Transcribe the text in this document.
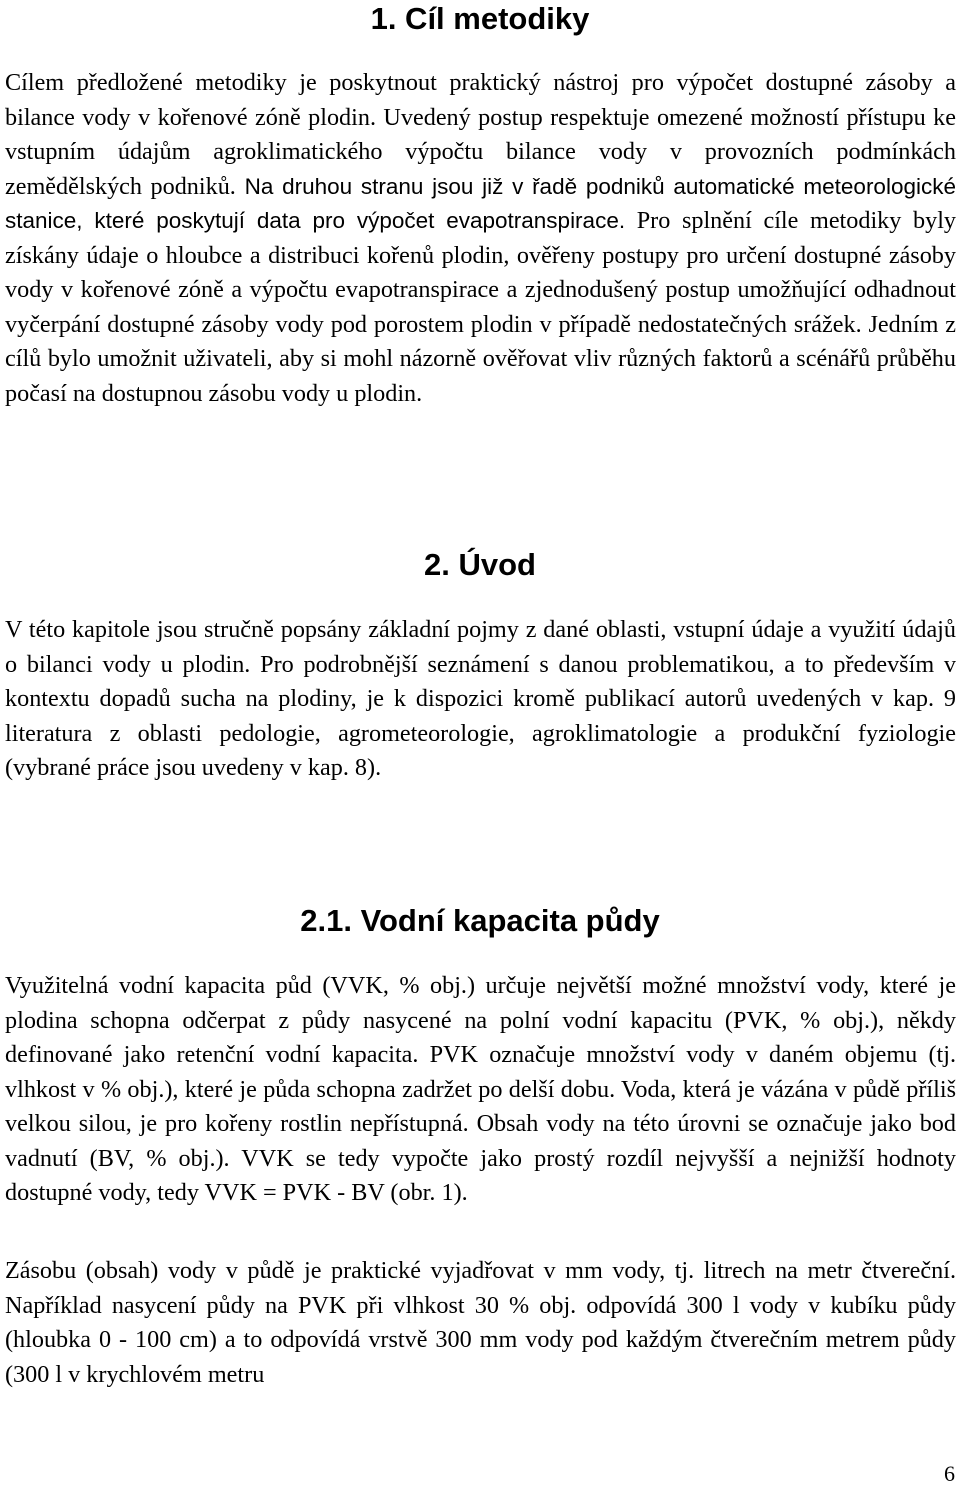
1. Cíl metodiky

Cílem předložené metodiky je poskytnout praktický nástroj pro výpočet dostupné zásoby a bilance vody v kořenové zóně plodin. Uvedený postup respektuje omezené možností přístupu ke vstupním údajům agroklimatického výpočtu bilance vody v provozních podmínkách zemědělských podniků. Na druhou stranu jsou již v řadě podniků automatické meteorologické stanice, které poskytují data pro výpočet evapotranspirace. Pro splnění cíle metodiky byly získány údaje o hloubce a distribuci kořenů plodin, ověřeny postupy pro určení dostupné zásoby vody v kořenové zóně a výpočtu evapotranspirace a zjednodušený postup umožňující odhadnout vyčerpání dostupné zásoby vody pod porostem plodin v případě nedostatečných srážek. Jedním z cílů bylo umožnit uživateli, aby si mohl názorně ověřovat vliv různých faktorů a scénářů průběhu počasí na dostupnou zásobu vody u plodin.

2. Úvod

V této kapitole jsou stručně popsány základní pojmy z dané oblasti, vstupní údaje a využití údajů o bilanci vody u plodin. Pro podrobnější seznámení s danou problematikou, a to především v kontextu dopadů sucha na plodiny, je k dispozici kromě publikací autorů uvedených v kap. 9 literatura z oblasti pedologie, agrometeorologie, agroklimatologie a produkční fyziologie (vybrané práce jsou uvedeny v kap. 8).

2.1. Vodní kapacita půdy

Využitelná vodní kapacita půd (VVK, % obj.) určuje největší možné množství vody, které je plodina schopna odčerpat z půdy nasycené na polní vodní kapacitu (PVK, % obj.), někdy definované jako retenční vodní kapacita. PVK označuje množství vody v daném objemu (tj. vlhkost v % obj.), které je půda schopna zadržet po delší dobu. Voda, která je vázána v půdě příliš velkou silou, je pro kořeny rostlin nepřístupná. Obsah vody na této úrovni se označuje jako bod vadnutí (BV, % obj.). VVK se tedy vypočte jako prostý rozdíl nejvyšší a nejnižší hodnoty dostupné vody, tedy VVK = PVK - BV (obr. 1).

Zásobu (obsah) vody v půdě je praktické vyjadřovat v mm vody, tj. litrech na metr čtvereční. Například nasycení půdy na PVK při vlhkost 30 % obj. odpovídá 300 l vody v kubíku půdy (hloubka 0 - 100 cm) a to odpovídá vrstvě 300 mm vody pod každým čtverečním metrem půdy (300 l v krychlovém metru

6
